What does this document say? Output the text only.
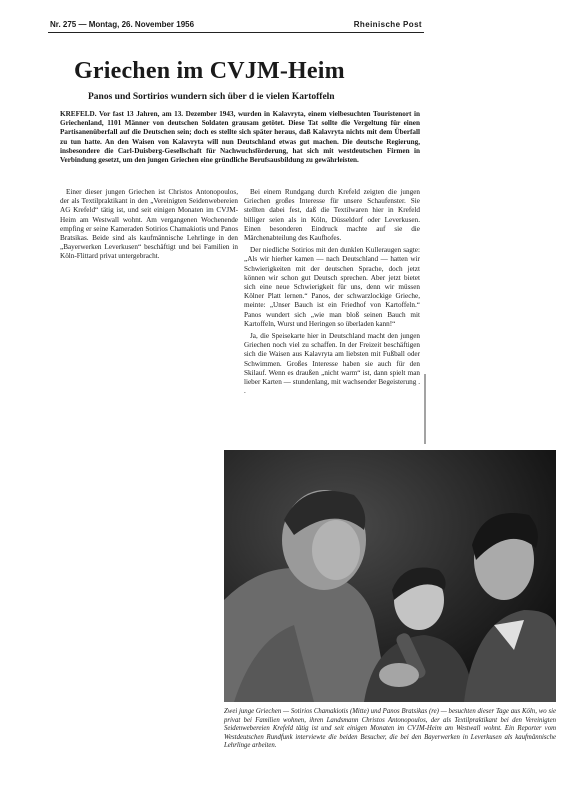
Nr. 275 — Montag, 26. November 1956	Rheinische Post
Griechen im CVJM-Heim
Panos und Sortirios wundern sich über d ie vielen Kartoffeln
KREFELD. Vor fast 13 Jahren, am 13. Dezember 1943, wurden in Kalavryta, einem vielbesuchten Touristenort in Griechenland, 1101 Männer von deutschen Soldaten grausam getötet. Diese Tat sollte die Vergeltung für einen Partisanenüberfall auf die Deutschen sein; doch es stellte sich später heraus, daß Kalavryta nichts mit dem Überfall zu tun hatte. An den Waisen von Kalavryta will nun Deutschland etwas gut machen. Die deutsche Regierung, insbesondere die Carl-Duisberg-Gesellschaft für Nachwuchsförderung, hat sich mit westdeutschen Firmen in Verbindung gesetzt, um den jungen Griechen eine gründliche Berufsausbildung zu gewährleisten.

Einer dieser jungen Griechen ist Christos Antonopoulos, der als Textilpraktikant in den „Vereinigten Seidenwebereien AG Krefeld“ tätig ist, und seit einigen Monaten im CVJM-Heim am Westwall wohnt. Am vergangenen Wochenende empfing er seine Kameraden Sotirios Chamakiotis und Panos Bratsikas. Beide sind als kaufmännische Lehrlinge in den „Bayerwerken Leverkusen“ beschäftigt und bei Familien in Köln-Flittard privat untergebracht.

Bei einem Rundgang durch Krefeld zeigten die jungen Griechen großes Interesse für unsere Schaufenster. Sie stellten dabei fest, daß die Textilwaren hier in Krefeld billiger seien als in Köln, Düsseldorf oder Leverkusen. Einen besonderen Eindruck machte auf sie die Märchenabteilung des Kaufhofes.

Der niedliche Sotirios mit den dunklen Kulleraugen sagte: „Als wir hierher kamen — nach Deutschland — hatten wir Schwierigkeiten mit der deutschen Sprache, doch jetzt können wir schon gut Deutsch sprechen. Aber jetzt bietet sich eine neue Schwierigkeit für uns, denn wir müssen Kölner Platt lernen.“ Panos, der schwarzlockige Grieche, meinte: „Unser Bauch ist ein Friedhof von Kartoffeln.“ Panos wundert sich „wie man bloß seinen Bauch mit Kartoffeln, Wurst und Heringen so überladen kann!“

Ja, die Speisekarte hier in Deutschland macht den jungen Griechen noch viel zu schaffen. In der Freizeit beschäftigen sich die Waisen aus Kalavryta am liebsten mit Fußball oder Schwimmen. Großes Interesse haben sie auch für den Skilauf. Wenn es draußen „nicht warm“ ist, dann spielt man lieber Karten — stundenlang, mit wachsender Begeisterung . .

Zwei junge Griechen — Sotirios Chamakiotis (Mitte) und Panos Bratsikas (re) — besuchten dieser Tage aus Köln, wo sie privat bei Familien wohnen, ihren Landsmann Christos Antonopoulos, der als Textilpraktikant bei den Vereinigten Seidenwebereien Krefeld tätig ist und seit einigen Monaten im CVJM-Heim am Westwall wohnt. Ein Reporter vom Westdeutschen Rundfunk interviewte die beiden Besucher, die bei den Bayerwerken in Leverkusen als kaufmännische Lehrlinge arbeiten.
